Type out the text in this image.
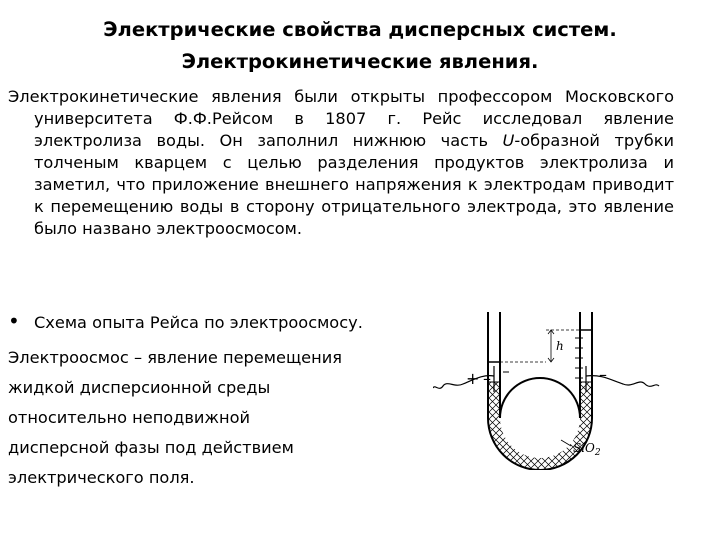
Электрические свойства дисперсных систем.
Электрокинетические явления.

Электрокинетические явления были открыты профессором Московского университета Ф.Ф.Рейсом в 1807 г. Рейс исследовал явление электролиза воды. Он заполнил нижнюю часть U-образной трубки толченым кварцем с целью разделения продуктов электролиза и заметил, что приложение внешнего напряжения к электродам приводит к перемещению воды в сторону отрицательного электрода, это явление было названо электроосмосом.

• Схема опыта Рейса по электроосмосу.
Электроосмос – явление перемещения
жидкой дисперсионной среды
относительно неподвижной
дисперсной фазы под действием
электрического поля.
h
+ –	–
SiO$_2$
